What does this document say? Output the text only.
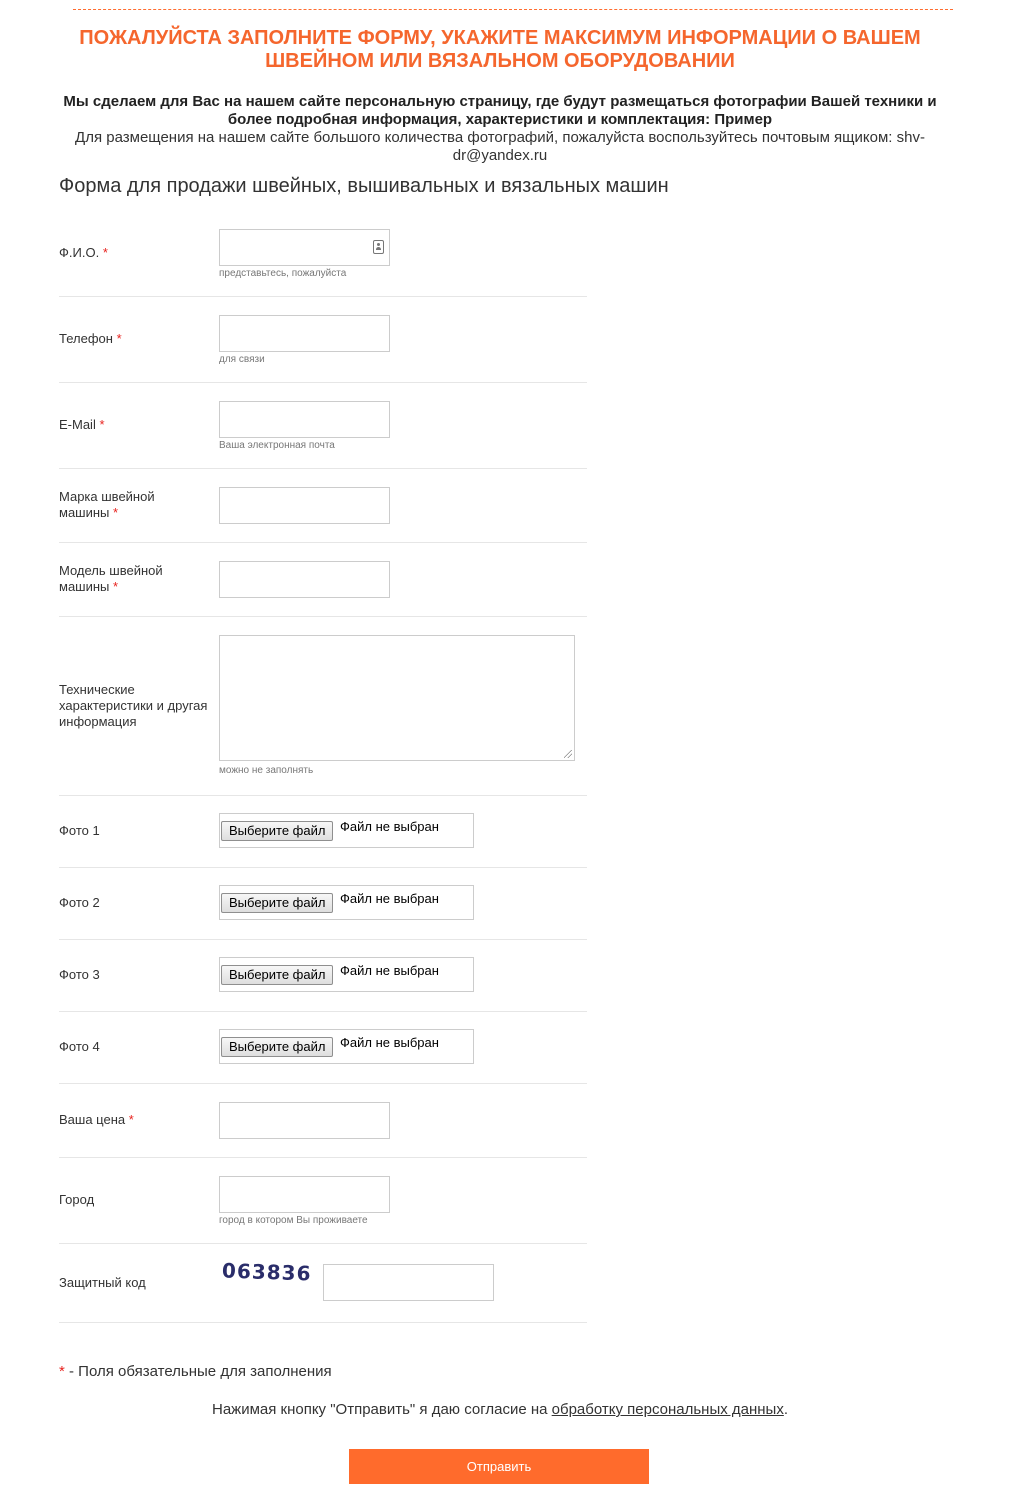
ПОЖАЛУЙСТА ЗАПОЛНИТЕ ФОРМУ, УКАЖИТЕ МАКСИМУМ ИНФОРМАЦИИ О ВАШЕМ ШВЕЙНОМ ИЛИ ВЯЗАЛЬНОМ ОБОРУДОВАНИИ
Мы сделаем для Вас на нашем сайте персональную страницу, где будут размещаться фотографии Вашей техники и более подробная информация, характеристики и комплектация: Пример
Для размещения на нашем сайте большого количества фотографий, пожалуйста воспользуйтесь почтовым ящиком: shv-dr@yandex.ru
Форма для продажи швейных, вышивальных и вязальных машин
Ф.И.О. *
представьтесь, пожалуйста
Телефон *
для связи
E-Mail *
Ваша электронная почта
Марка швейной машины *
Модель швейной машины *
Технические характеристики и другая информация
можно не заполнять
Фото 1	Выберите файл	Файл не выбран
Фото 2	Выберите файл	Файл не выбран
Фото 3	Выберите файл	Файл не выбран
Фото 4	Выберите файл	Файл не выбран
Ваша цена *
Город
город в котором Вы проживаете
Защитный код	063836
* - Поля обязательные для заполнения
Нажимая кнопку "Отправить" я даю согласие на обработку персональных данных.
Отправить
